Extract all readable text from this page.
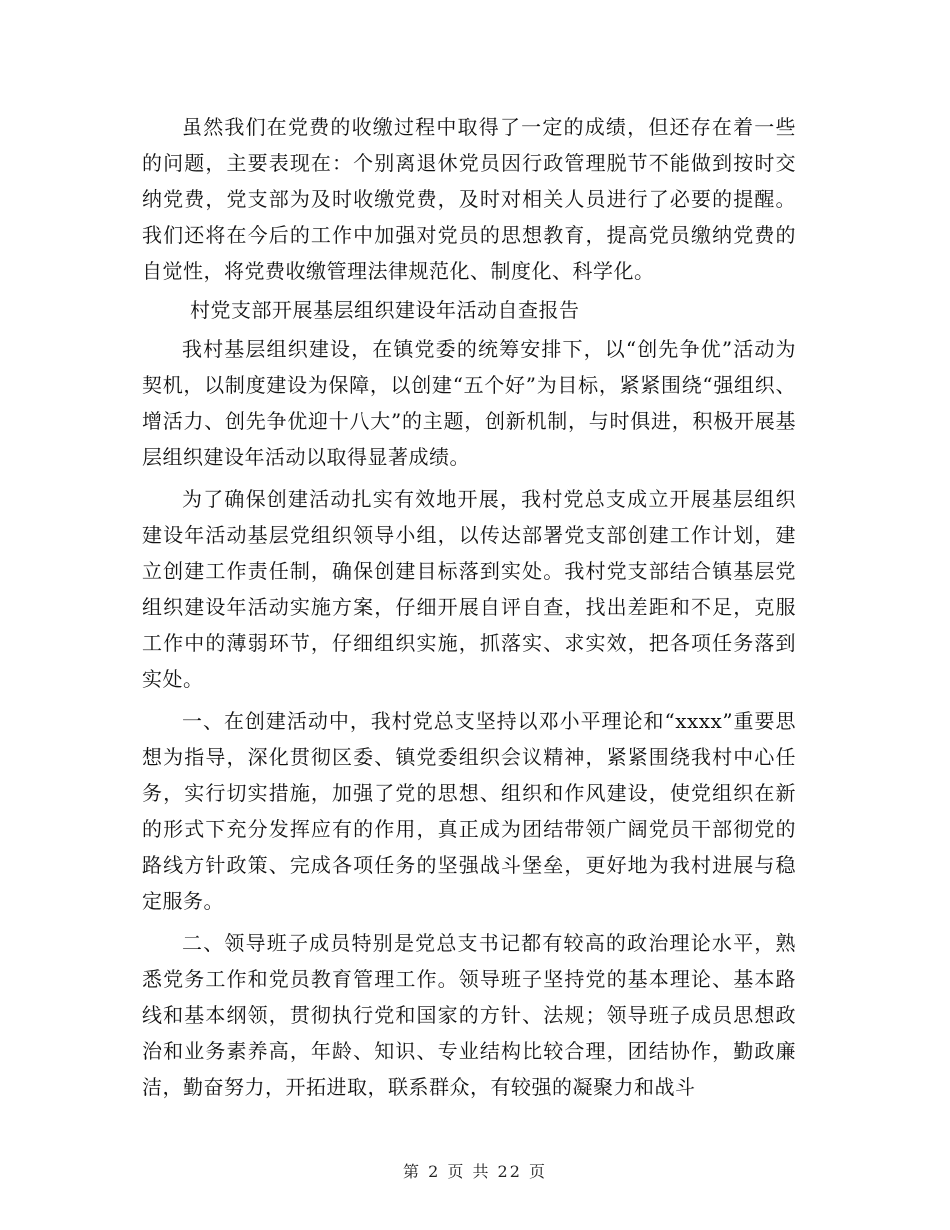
虽然我们在党费的收缴过程中取得了一定的成绩，但还存在着一些的问题，主要表现在：个别离退休党员因行政管理脱节不能做到按时交纳党费，党支部为及时收缴党费，及时对相关人员进行了必要的提醒。我们还将在今后的工作中加强对党员的思想教育，提高党员缴纳党费的自觉性，将党费收缴管理法律规范化、制度化、科学化。

村党支部开展基层组织建设年活动自查报告

我村基层组织建设，在镇党委的统筹安排下，以“创先争优”活动为契机，以制度建设为保障，以创建“五个好”为目标，紧紧围绕“强组织、增活力、创先争优迎十八大”的主题，创新机制，与时俱进，积极开展基层组织建设年活动以取得显著成绩。

为了确保创建活动扎实有效地开展，我村党总支成立开展基层组织建设年活动基层党组织领导小组，以传达部署党支部创建工作计划，建立创建工作责任制，确保创建目标落到实处。我村党支部结合镇基层党组织建设年活动实施方案，仔细开展自评自查，找出差距和不足，克服工作中的薄弱环节，仔细组织实施，抓落实、求实效，把各项任务落到实处。

一、在创建活动中，我村党总支坚持以邓小平理论和“xxxx”重要思想为指导，深化贯彻区委、镇党委组织会议精神，紧紧围绕我村中心任务，实行切实措施，加强了党的思想、组织和作风建设，使党组织在新的形式下充分发挥应有的作用，真正成为团结带领广阔党员干部彻党的路线方针政策、完成各项任务的坚强战斗堡垒，更好地为我村进展与稳定服务。

二、领导班子成员特别是党总支书记都有较高的政治理论水平，熟悉党务工作和党员教育管理工作。领导班子坚持党的基本理论、基本路线和基本纲领，贯彻执行党和国家的方针、法规；领导班子成员思想政治和业务素养高，年龄、知识、专业结构比较合理，团结协作，勤政廉洁，勤奋努力，开拓进取，联系群众，有较强的凝聚力和战斗

第 2 页 共 22 页
